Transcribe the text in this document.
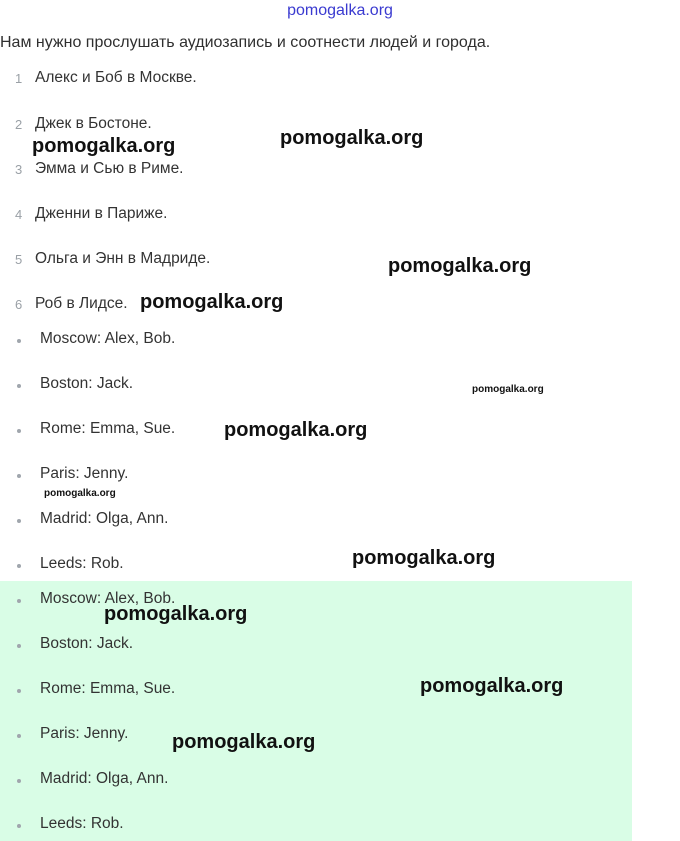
pomogalka.org
Нам нужно прослушать аудиозапись и соотнести людей и города.
1 Алекс и Боб в Москве.
2 Джек в Бостоне.
3 Эмма и Сью в Риме.
4 Дженни в Париже.
5 Ольга и Энн в Мадриде.
6 Роб в Лидсе.
Moscow: Alex, Bob.
Boston: Jack.
Rome: Emma, Sue.
Paris: Jenny.
Madrid: Olga, Ann.
Leeds: Rob.
Moscow: Alex, Bob.
Boston: Jack.
Rome: Emma, Sue.
Paris: Jenny.
Madrid: Olga, Ann.
Leeds: Rob.
pomogalka.org
pomogalka.org
pomogalka.org
pomogalka.org
pomogalka.org
pomogalka.org
pomogalka.org
pomogalka.org
pomogalka.org
pomogalka.org
pomogalka.org
